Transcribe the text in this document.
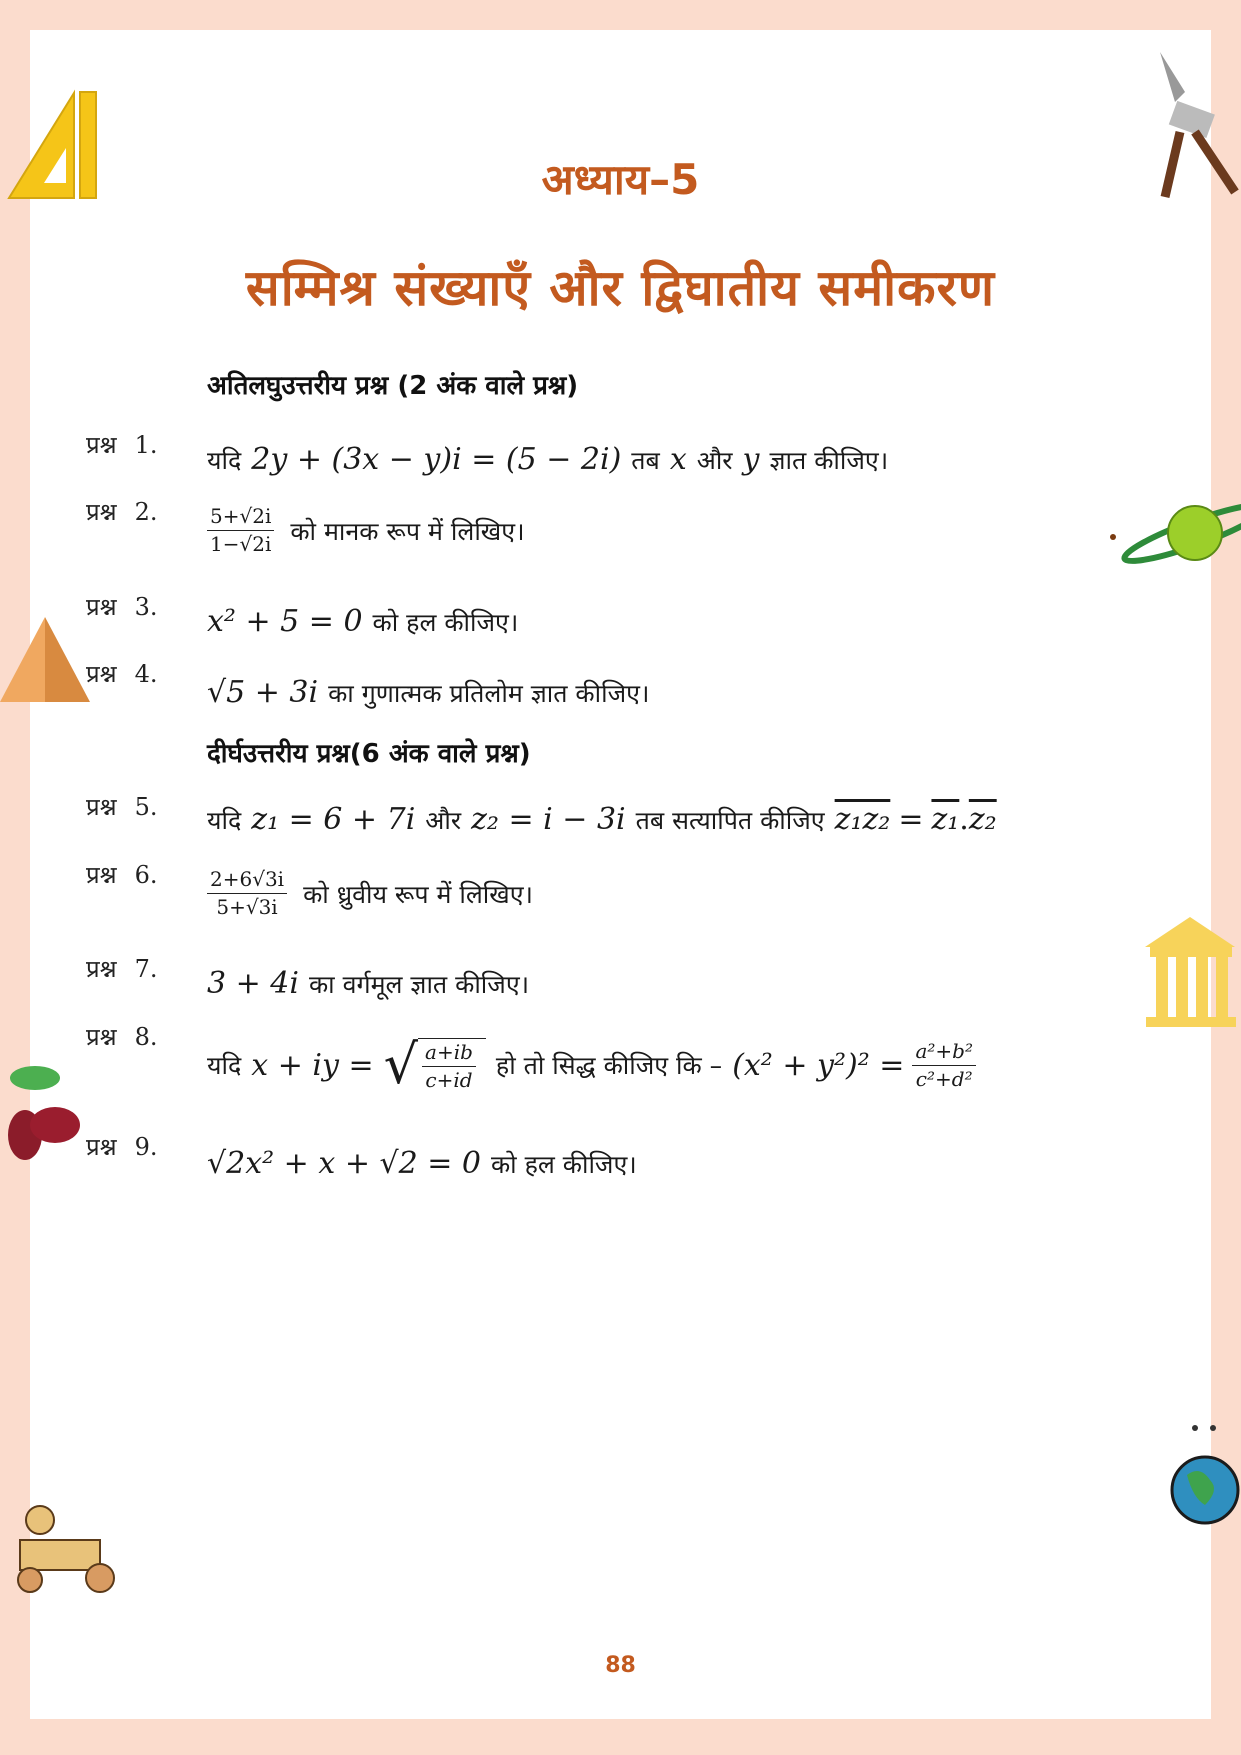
अध्याय–5
सम्मिश्र संख्याएँ और द्विघातीय समीकरण
अतिलघुउत्तरीय प्रश्न (2 अंक वाले प्रश्न)
प्रश्न 1.
यदि 2y + (3x − y)i = (5 − 2i) तब x और y ज्ञात कीजिए।
प्रश्न 2. $\frac{5+√2i}{1-√2i}$ को मानक रूप में लिखिए।
प्रश्न 3. x² + 5 = 0 को हल कीजिए।
प्रश्न 4.
√5 + 3i का गुणात्मक प्रतिलोम ज्ञात कीजिए।
दीर्घउत्तरीय प्रश्न(6 अंक वाले प्रश्न)
प्रश्न 5. यदि z₁ = 6 + 7i और z₂ = i − 3i तब सत्यापित कीजिए z₁z₂ = z₁ . z₂
प्रश्न 6. $\frac{2+6√3i}{5+√3i}$ को ध्रुवीय रूप में लिखिए।
प्रश्न 7. 3 + 4i का वर्गमूल ज्ञात कीजिए।
प्रश्न 8.
यदि x + iy = √ $\frac{a+ib}{c+id}$ हो तो सिद्ध कीजिए कि – $(x^2 + y^2)^2 = \frac{\text{a²+b²}}{\text{c²+d²}}$
प्रश्न 9. √2x² + x + √2 = 0 को हल कीजिए।
88
